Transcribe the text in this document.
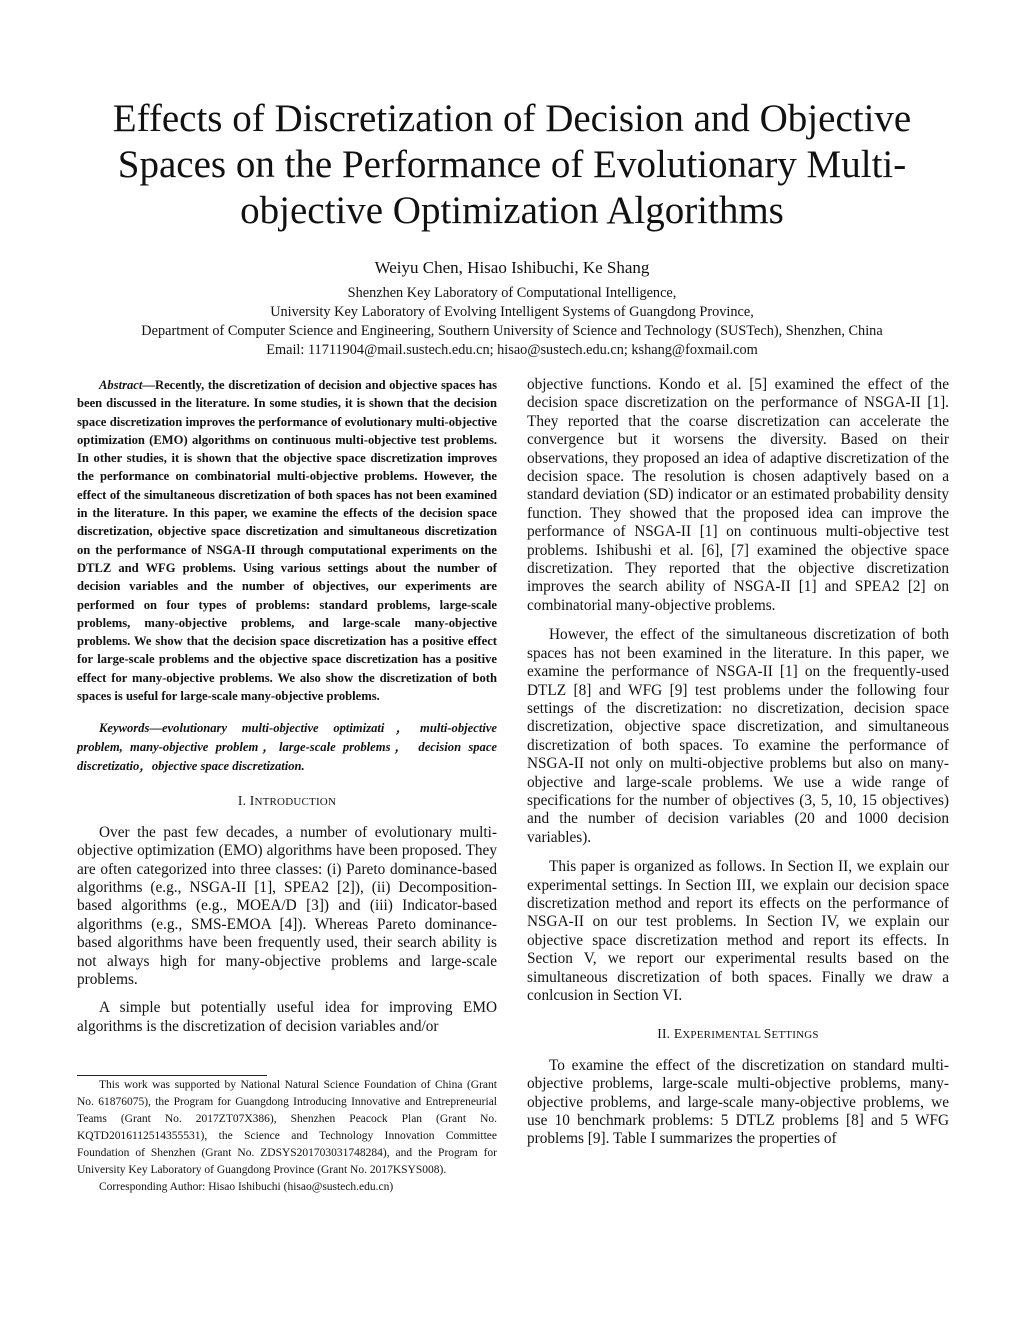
Effects of Discretization of Decision and Objective Spaces on the Performance of Evolutionary Multi-objective Optimization Algorithms
Weiyu Chen, Hisao Ishibuchi, Ke Shang
Shenzhen Key Laboratory of Computational Intelligence,
University Key Laboratory of Evolving Intelligent Systems of Guangdong Province,
Department of Computer Science and Engineering, Southern University of Science and Technology (SUSTech), Shenzhen, China
Email: 11711904@mail.sustech.edu.cn; hisao@sustech.edu.cn; kshang@foxmail.com

Abstract—Recently, the discretization of decision and objective spaces has been discussed in the literature. In some studies, it is shown that the decision space discretization improves the performance of evolutionary multi-objective optimization (EMO) algorithms on continuous multi-objective test problems. In other studies, it is shown that the objective space discretization improves the performance on combinatorial multi-objective problems. However, the effect of the simultaneous discretization of both spaces has not been examined in the literature. In this paper, we examine the effects of the decision space discretization, objective space discretization and simultaneous discretization on the performance of NSGA-II through computational experiments on the DTLZ and WFG problems. Using various settings about the number of decision variables and the number of objectives, our experiments are performed on four types of problems: standard problems, large-scale problems, many-objective problems, and large-scale many-objective problems. We show that the decision space discretization has a positive effect for large-scale problems and the objective space discretization has a positive effect for many-objective problems. We also show the discretization of both spaces is useful for large-scale many-objective problems.

Keywords—evolutionary multi-objective optimizati，multi-objective problem, many-objective problem，large-scale problems， decision space discretizatio，objective space discretization.

I. INTRODUCTION

Over the past few decades, a number of evolutionary multi-objective optimization (EMO) algorithms have been proposed. They are often categorized into three classes: (i) Pareto dominance-based algorithms (e.g., NSGA-II [1], SPEA2 [2]), (ii) Decomposition-based algorithms (e.g., MOEA/D [3]) and (iii) Indicator-based algorithms (e.g., SMS-EMOA [4]). Whereas Pareto dominance-based algorithms have been frequently used, their search ability is not always high for many-objective problems and large-scale problems.

A simple but potentially useful idea for improving EMO algorithms is the discretization of decision variables and/or

This work was supported by National Natural Science Foundation of China (Grant No. 61876075), the Program for Guangdong Introducing Innovative and Entrepreneurial Teams (Grant No. 2017ZT07X386), Shenzhen Peacock Plan (Grant No. KQTD2016112514355531), the Science and Technology Innovation Committee Foundation of Shenzhen (Grant No. ZDSYS201703031748284), and the Program for University Key Laboratory of Guangdong Province (Grant No. 2017KSYS008).

Corresponding Author: Hisao Ishibuchi (hisao@sustech.edu.cn)

objective functions. Kondo et al. [5] examined the effect of the decision space discretization on the performance of NSGA-II [1]. They reported that the coarse discretization can accelerate the convergence but it worsens the diversity. Based on their observations, they proposed an idea of adaptive discretization of the decision space. The resolution is chosen adaptively based on a standard deviation (SD) indicator or an estimated probability density function. They showed that the proposed idea can improve the performance of NSGA-II [1] on continuous multi-objective test problems. Ishibushi et al. [6], [7] examined the objective space discretization. They reported that the objective discretization improves the search ability of NSGA-II [1] and SPEA2 [2] on combinatorial many-objective problems.

However, the effect of the simultaneous discretization of both spaces has not been examined in the literature. In this paper, we examine the performance of NSGA-II [1] on the frequently-used DTLZ [8] and WFG [9] test problems under the following four settings of the discretization: no discretization, decision space discretization, objective space discretization, and simultaneous discretization of both spaces. To examine the performance of NSGA-II not only on multi-objective problems but also on many-objective and large-scale problems. We use a wide range of specifications for the number of objectives (3, 5, 10, 15 objectives) and the number of decision variables (20 and 1000 decision variables).

This paper is organized as follows. In Section II, we explain our experimental settings. In Section III, we explain our decision space discretization method and report its effects on the performance of NSGA-II on our test problems. In Section IV, we explain our objective space discretization method and report its effects. In Section V, we report our experimental results based on the simultaneous discretization of both spaces. Finally we draw a conlcusion in Section VI.

II. EXPERIMENTAL SETTINGS

To examine the effect of the discretization on standard multi-objective problems, large-scale multi-objective problems, many-objective problems, and large-scale many-objective problems, we use 10 benchmark problems: 5 DTLZ problems [8] and 5 WFG problems [9]. Table I summarizes the properties of
